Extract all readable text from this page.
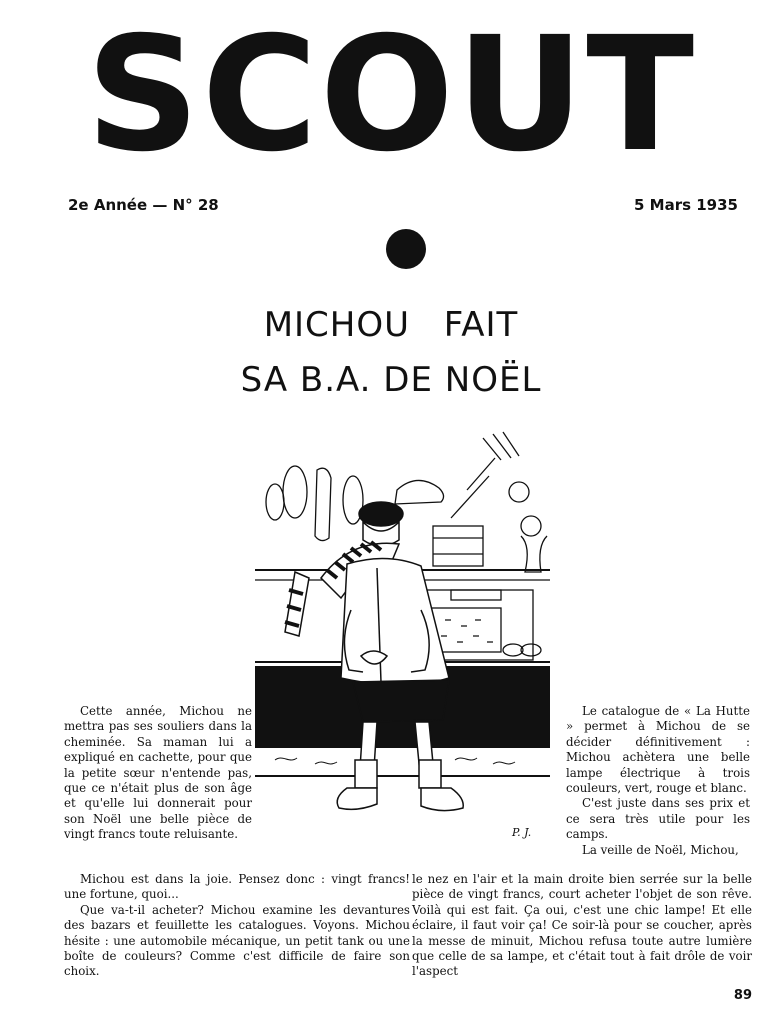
SCOUT
2e Année — N° 28	5 Mars 1935
MICHOU FAIT
SA B.A. DE NOËL
P. J.

Cette année, Michou ne mettra pas ses souliers dans la cheminée. Sa maman lui a expliqué en cachette, pour que la petite sœur n'entende pas, que ce n'était plus de son âge et qu'elle lui donnerait pour son Noël une belle pièce de vingt francs toute reluisante.

Michou est dans la joie. Pensez donc : vingt francs! une fortune, quoi...

Que va-t-il acheter? Michou examine les devantures des bazars et feuillette les catalogues. Voyons. Michou hésite : une automobile mécanique, un petit tank ou une boîte de couleurs? Comme c'est difficile de faire son choix.

Le catalogue de « La Hutte » permet à Michou de se décider définitivement : Michou achètera une belle lampe électrique à trois couleurs, vert, rouge et blanc.

C'est juste dans ses prix et ce sera très utile pour les camps.

La veille de Noël, Michou,

le nez en l'air et la main droite bien serrée sur la belle pièce de vingt francs, court acheter l'objet de son rêve. Voilà qui est fait. Ça oui, c'est une chic lampe! Et elle éclaire, il faut voir ça! Ce soir-là pour se coucher, après la messe de minuit, Michou refusa toute autre lumière que celle de sa lampe, et c'était tout à fait drôle de voir l'aspect

89
